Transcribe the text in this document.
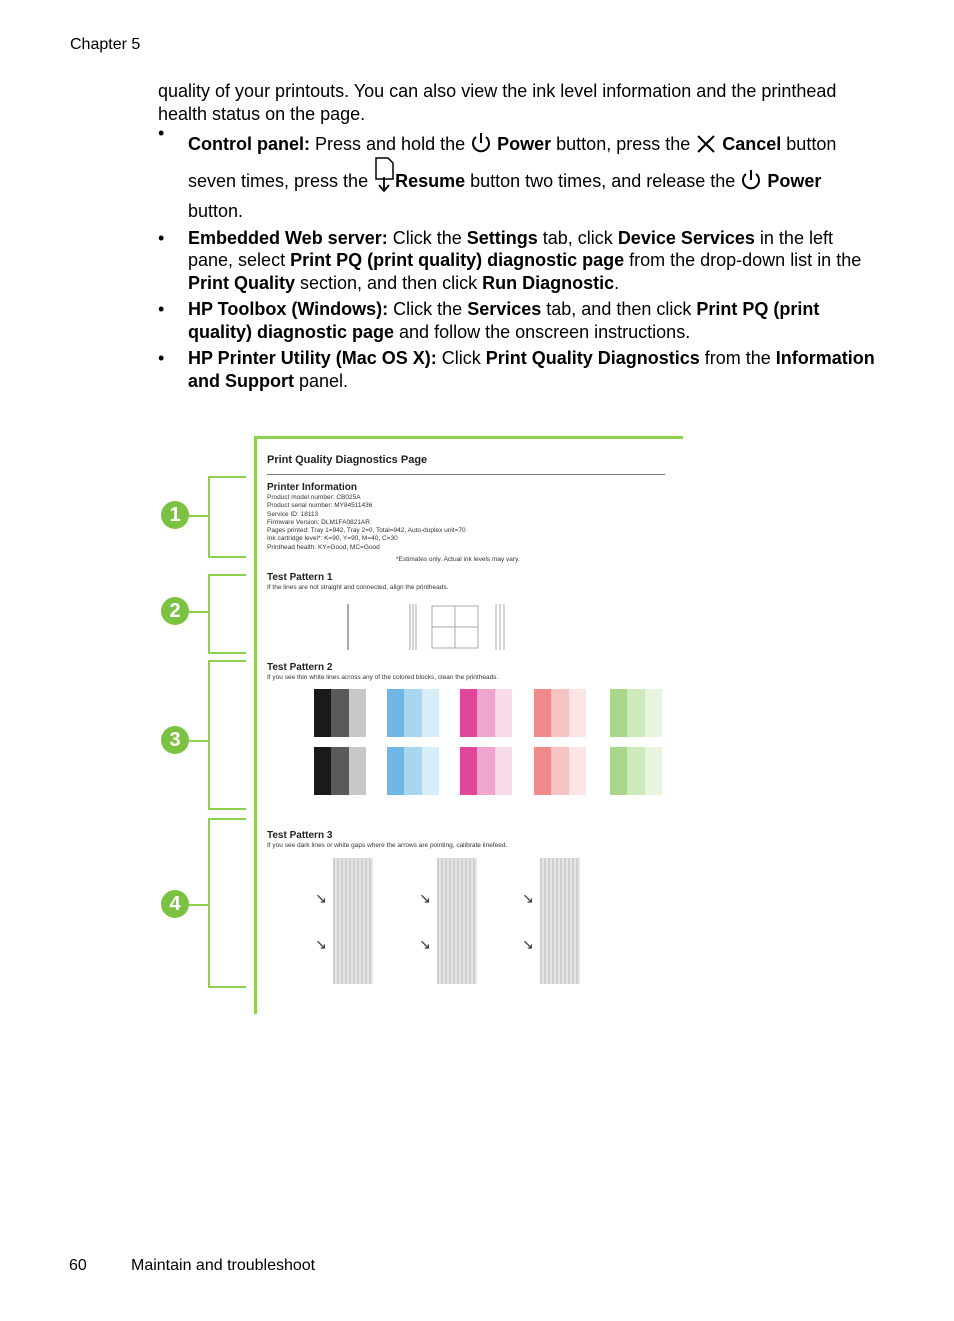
Chapter 5
quality of your printouts. You can also view the ink level information and the printhead health status on the page.
•
Control panel: Press and hold the  Power button, press the  Cancel button
seven times, press the Resume button two times, and release the  Power
button.
• Embedded Web server: Click the Settings tab, click Device Services in the left pane, select Print PQ (print quality) diagnostic page from the drop-down list in the Print Quality section, and then click Run Diagnostic.
• HP Toolbox (Windows): Click the Services tab, and then click Print PQ (print quality) diagnostic page and follow the onscreen instructions.
• HP Printer Utility (Mac OS X): Click Print Quality Diagnostics from the Information and Support panel.
1
2
3
4
Print Quality Diagnostics Page
Printer Information
Product model number: CB025A
Product serial number: MY84511436
Service ID: 18113
Firmware Version: DLM1FA0821AR
Pages printed: Tray 1=942, Tray 2=0, Total=942, Auto-duplex unit=70
Ink cartridge level*: K=90, Y=90, M=40, C=30
Printhead health: KY=Good, MC=Good
*Estimates only. Actual ink levels may vary.
Test Pattern 1
If the lines are not straight and connected, align the printheads.
Test Pattern 2
If you see thin white lines across any of the colored blocks, clean the printheads.
Test Pattern 3
If you see dark lines or white gaps where the arrows are pointing, calibrate linefeed.
↘
↘
↘
↘
↘
↘
60	Maintain and troubleshoot
